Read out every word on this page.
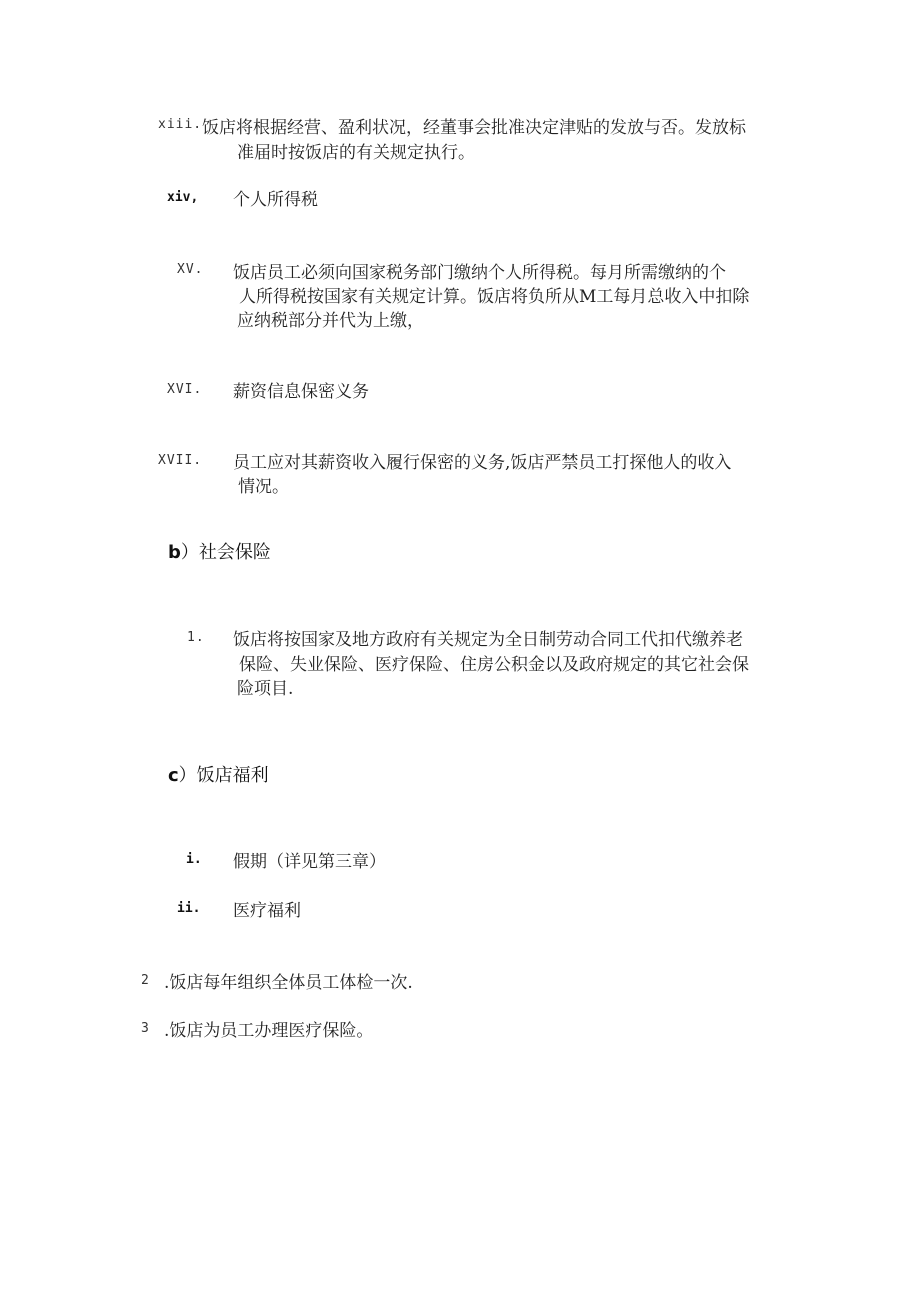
xiii. 饭店将根据经营、盈利状况，经董事会批准决定津贴的发放与否。发放标
准届时按饭店的有关规定执行。
xiv, 个人所得税
XV. 饭店员工必须向国家税务部门缴纳个人所得税。每月所需缴纳的个
人所得税按国家有关规定计算。饭店将负所从M工每月总收入中扣除
应纳税部分并代为上缴，
XVI. 薪资信息保密义务
XVII. 员工应对其薪资收入履行保密的义务,饭店严禁员工打探他人的收入
情况。
b）社会保险
1. 饭店将按国家及地方政府有关规定为全日制劳动合同工代扣代缴养老
保险、失业保险、医疗保险、住房公积金以及政府规定的其它社会保
险项目.
c）饭店福利
i. 假期（详见第三章）
ii. 医疗福利
2 .饭店每年组织全体员工体检一次.
3 .饭店为员工办理医疗保险。
